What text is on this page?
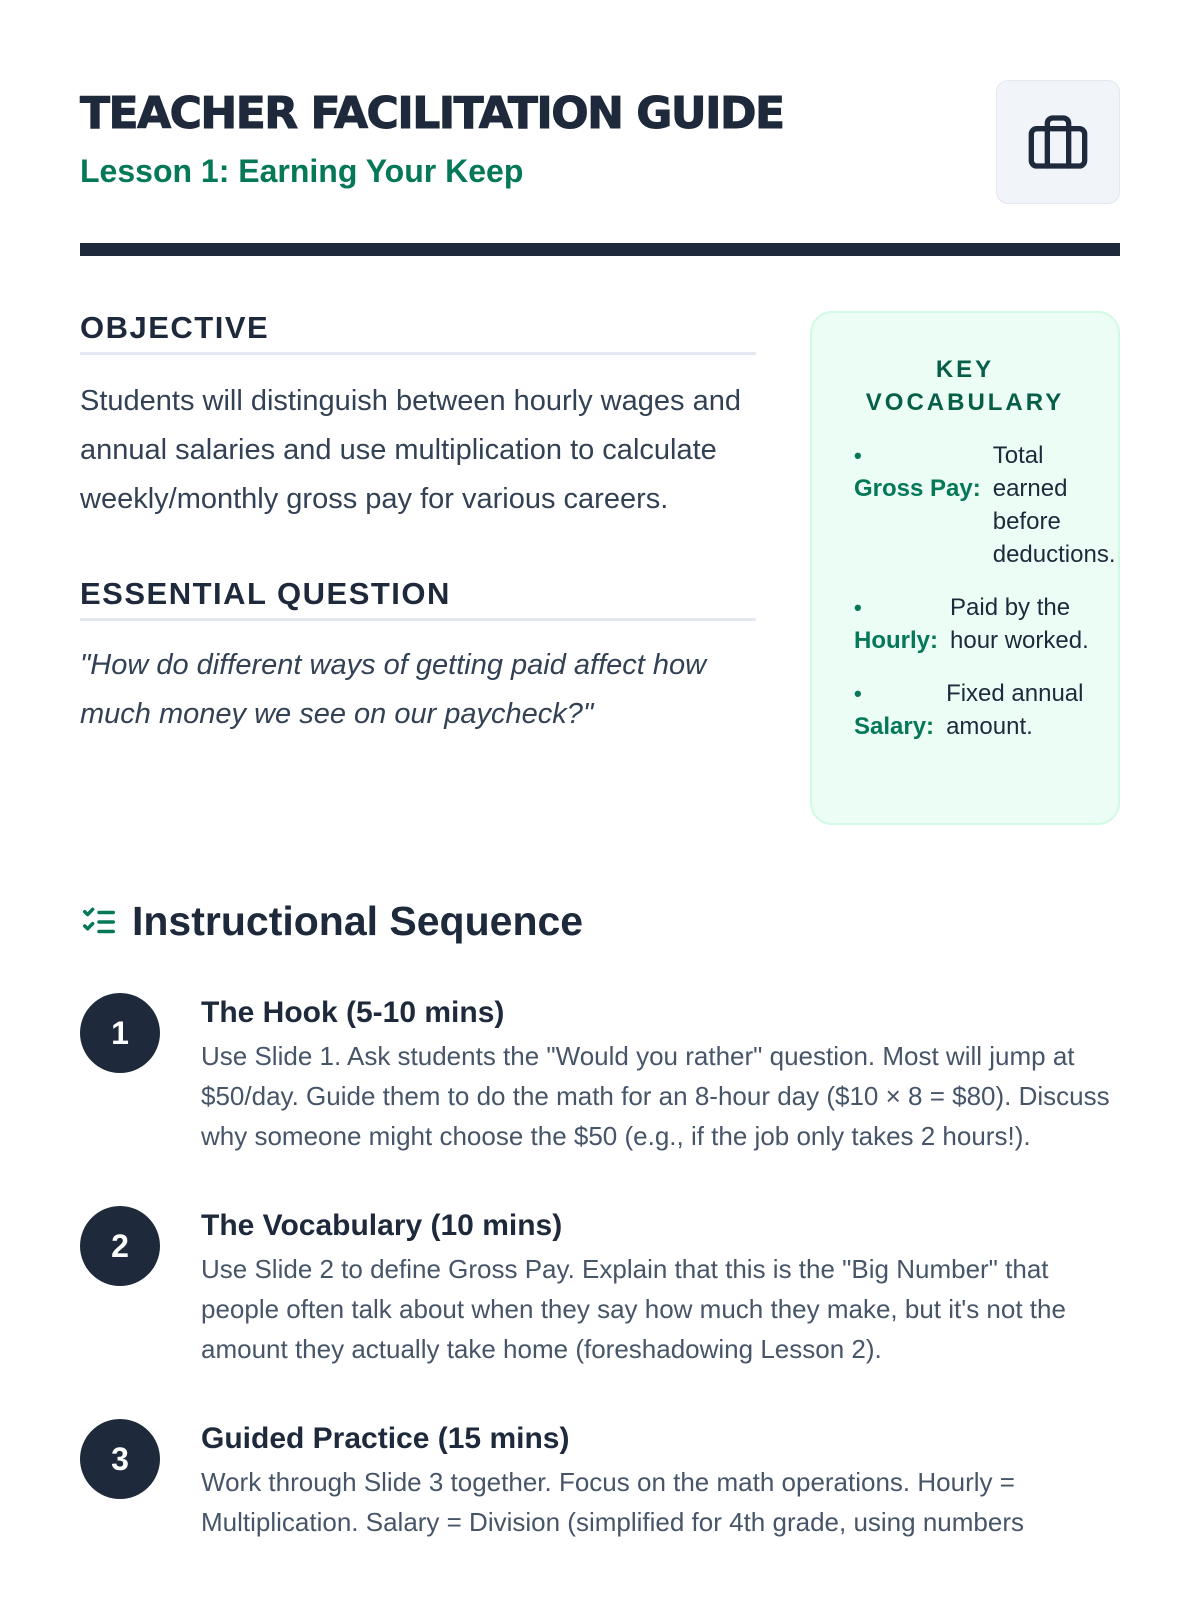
TEACHER FACILITATION GUIDE
Lesson 1: Earning Your Keep
OBJECTIVE

Students will distinguish between hourly wages and annual salaries and use multiplication to calculate weekly/monthly gross pay for various careers.

ESSENTIAL QUESTION

"How do different ways of getting paid affect how much money we see on our paycheck?"

KEY VOCABULARY
•
Gross Pay:
Total earned before deductions.
•
Hourly:
Paid by the hour worked.
•
Salary:
Fixed annual amount.
Instructional Sequence
1
The Hook (5-10 mins)

Use Slide 1. Ask students the "Would you rather" question. Most will jump at $50/day. Guide them to do the math for an 8-hour day ($10 × 8 = $80). Discuss why someone might choose the $50 (e.g., if the job only takes 2 hours!).

2
The Vocabulary (10 mins)

Use Slide 2 to define Gross Pay. Explain that this is the "Big Number" that people often talk about when they say how much they make, but it's not the amount they actually take home (foreshadowing Lesson 2).

3
Guided Practice (15 mins)

Work through Slide 3 together. Focus on the math operations. Hourly = Multiplication. Salary = Division (simplified for 4th grade, using numbers
